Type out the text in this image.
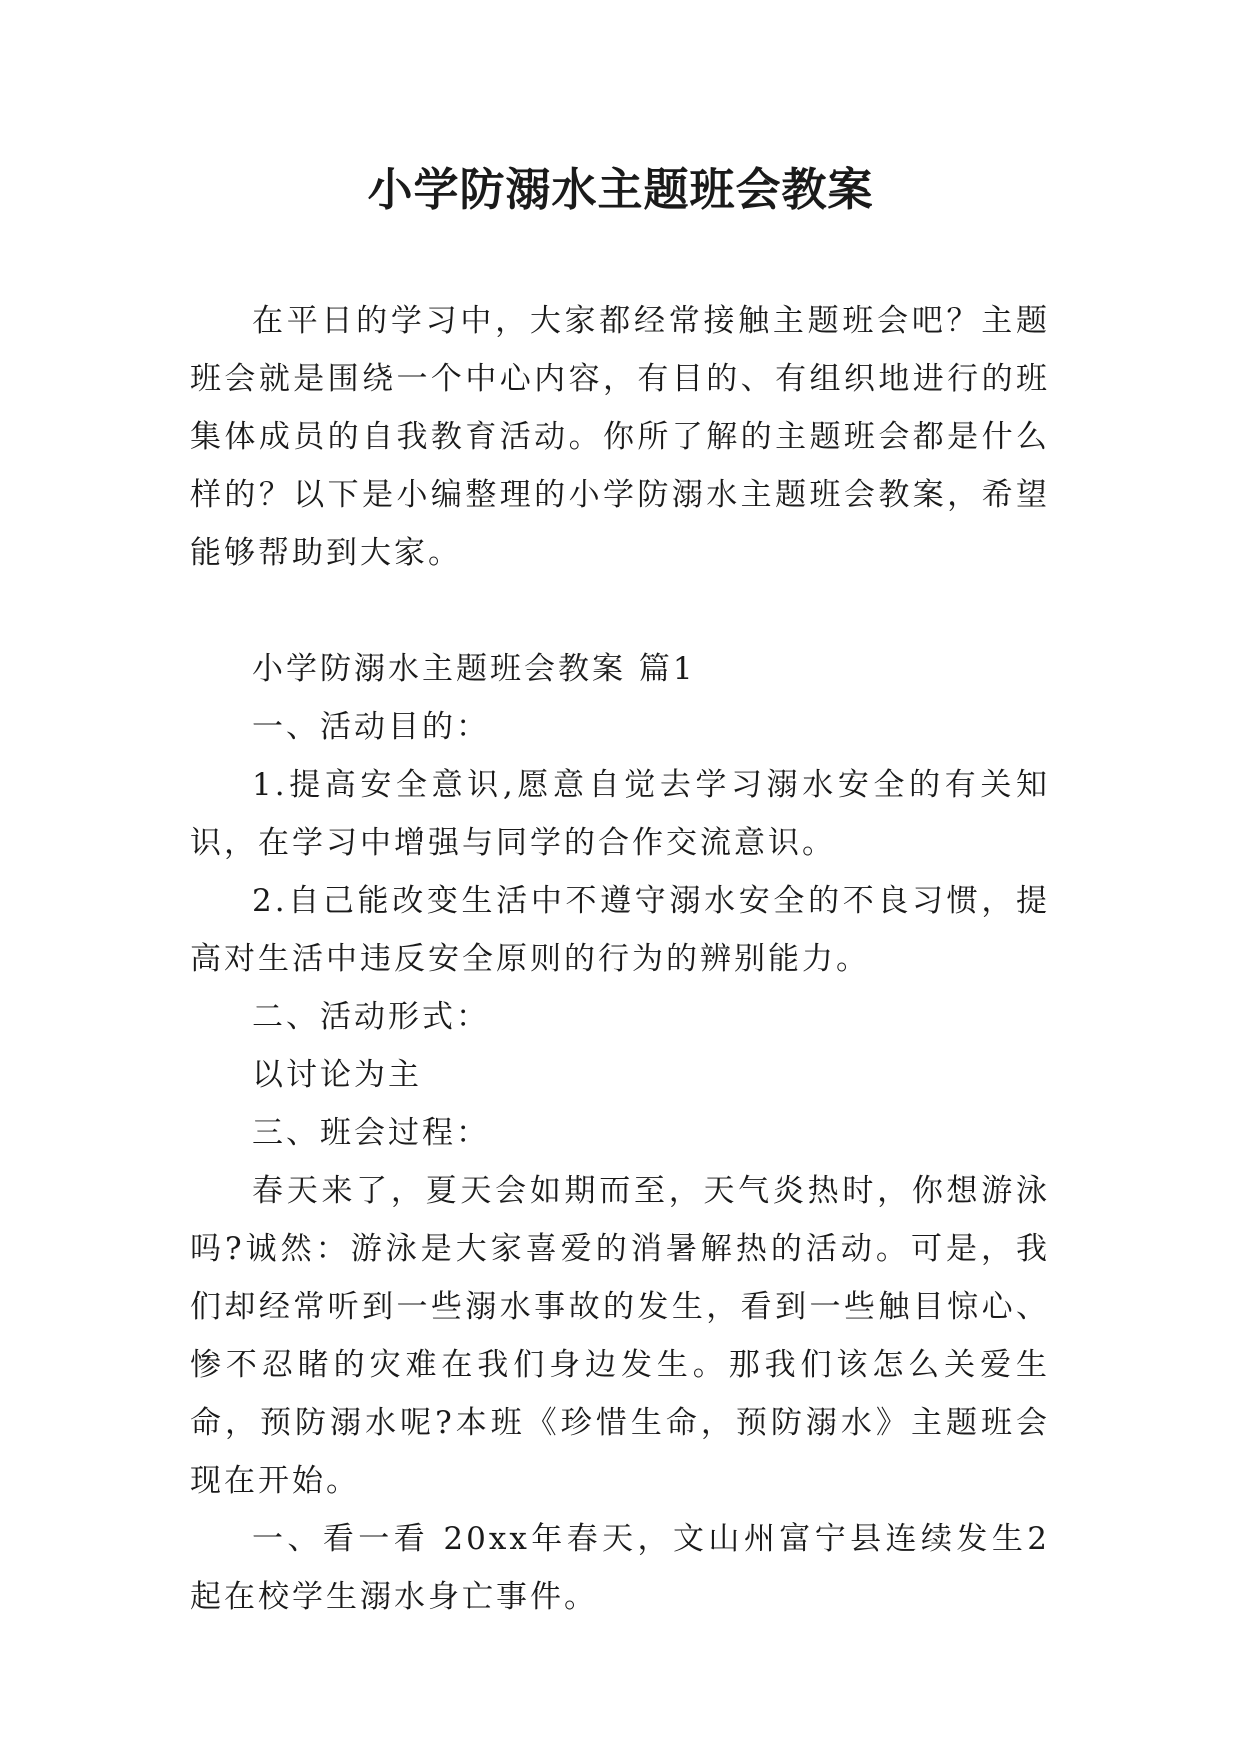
小学防溺水主题班会教案

在平日的学习中，大家都经常接触主题班会吧？主题班会就是围绕一个中心内容，有目的、有组织地进行的班集体成员的自我教育活动。你所了解的主题班会都是什么样的？以下是小编整理的小学防溺水主题班会教案，希望能够帮助到大家。

小学防溺水主题班会教案 篇1

一、活动目的：

1.提高安全意识,愿意自觉去学习溺水安全的有关知识，在学习中增强与同学的合作交流意识。

2.自己能改变生活中不遵守溺水安全的不良习惯，提高对生活中违反安全原则的行为的辨别能力。

二、活动形式：

以讨论为主

三、班会过程：

春天来了，夏天会如期而至，天气炎热时，你想游泳吗?诚然：游泳是大家喜爱的消暑解热的活动。可是，我们却经常听到一些溺水事故的发生，看到一些触目惊心、惨不忍睹的灾难在我们身边发生。那我们该怎么关爱生命，预防溺水呢?本班《珍惜生命，预防溺水》主题班会现在开始。

一、看一看 20xx年春天，文山州富宁县连续发生2起在校学生溺水身亡事件。
